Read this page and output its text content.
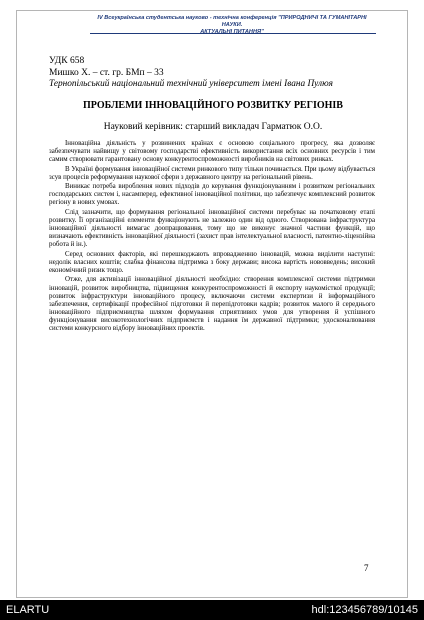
IV Всеукраїнська студентська науково - технічна конференція "ПРИРОДНИЧІ ТА ГУМАНІТАРНІ НАУКИ.
АКТУАЛЬНІ ПИТАННЯ"
УДК 658
Мишко Х. – ст. гр. БМп – 33
Тернопільський національний технічний університет імені Івана Пулюя
ПРОБЛЕМИ ІННОВАЦІЙНОГО РОЗВИТКУ РЕГІОНІВ
Науковий керівник: старший викладач Гарматюк О.О.

Інноваційна діяльність у розвинених країнах є основою соціального прогресу, яка дозволяє забезпечувати найвищу у світовому господарстві ефективність використання всіх основних ресурсів і тим самим створювати гарантовану основу конкурентоспроможності виробників на світових ринках.

В Україні формування інноваційної системи ринкового типу тільки починається. При цьому відбувається зсув процесів реформування наукової сфери з державного центру на регіональний рівень.

Виникає потреба вироблення нових підходів до керування функціонуванням і розвитком регіональних господарських систем і, насамперед, ефективної інноваційної політики, що забезпечує комплексний розвиток регіону в нових умовах.

Слід зазначити, що формування регіональної інноваційної системи перебуває на початковому етапі розвитку. Її організаційні елементи функціонують не залежно один від одного. Створювана інфраструктура інноваційної діяльності вимагає доопрацювання, тому що не виконує значної частини функцій, що визначають ефективність інноваційної діяльності (захист прав інтелектуальної власності, патентно-ліцензійна робота й ін.).

Серед основних факторів, які перешкоджають впровадженню інновацій, можна виділити наступні: недолік власних коштів; слабка фінансова підтримка з боку держави; висока вартість нововведень; високий економічний ризик тощо.

Отже, для активізації інноваційної діяльності необхідно: створення комплексної системи підтримки інновацій, розвиток виробництва, підвищення конкурентоспроможності й експорту наукомісткої продукції; розвиток інфраструктури інноваційного процесу, включаючи системи експертизи й інформаційного забезпечення, сертифікації професійної підготовки й перепідготовки кадрів; розвиток малого й середнього інноваційного підприємництва шляхом формування сприятливих умов для утворення й успішного функціонування високотехнологічних підприємств і надання їм державної підтримки; удосконалювання системи конкурсного відбору інноваційних проектів.

7
ELARTU	hdl:123456789/10145
